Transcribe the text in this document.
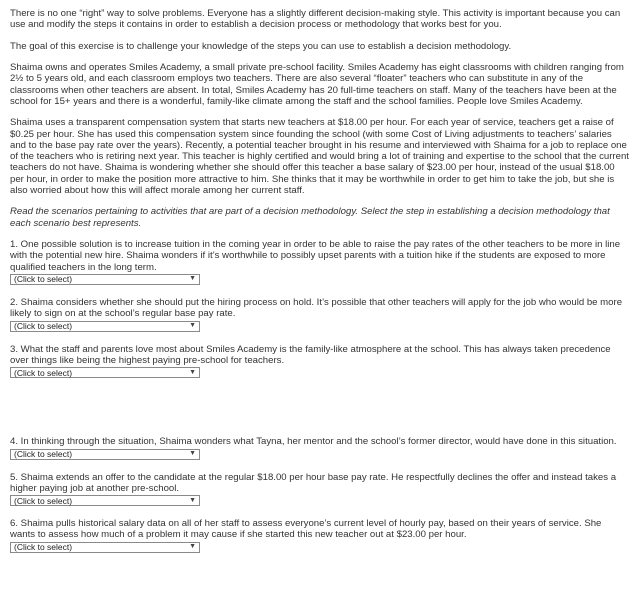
There is no one “right” way to solve problems. Everyone has a slightly different decision-making style. This activity is important because you can use and modify the steps it contains in order to establish a decision process or methodology that works best for you.

The goal of this exercise is to challenge your knowledge of the steps you can use to establish a decision methodology.

Shaima owns and operates Smiles Academy, a small private pre-school facility. Smiles Academy has eight classrooms with children ranging from 2½ to 5 years old, and each classroom employs two teachers. There are also several “floater” teachers who can substitute in any of the classrooms when other teachers are absent. In total, Smiles Academy has 20 full-time teachers on staff. Many of the teachers have been at the school for 15+ years and there is a wonderful, family-like climate among the staff and the school families. People love Smiles Academy.

Shaima uses a transparent compensation system that starts new teachers at $18.00 per hour. For each year of service, teachers get a raise of $0.25 per hour. She has used this compensation system since founding the school (with some Cost of Living adjustments to teachers’ salaries and to the base pay rate over the years). Recently, a potential teacher brought in his resume and interviewed with Shaima for a job to replace one of the teachers who is retiring next year. This teacher is highly certified and would bring a lot of training and expertise to the school that the current teachers do not have. Shaima is wondering whether she should offer this teacher a base salary of $23.00 per hour, instead of the usual $18.00 per hour, in order to make the position more attractive to him. She thinks that it may be worthwhile in order to get him to take the job, but she is also worried about how this will affect morale among her current staff.

Read the scenarios pertaining to activities that are part of a decision methodology. Select the step in establishing a decision methodology that each scenario best represents.

1. One possible solution is to increase tuition in the coming year in order to be able to raise the pay rates of the other teachers to be more in line with the potential new hire. Shaima wonders if it’s worthwhile to possibly upset parents with a tuition hike if the students are exposed to more qualified teachers in the long term.
(Click to select)	▼
2. Shaima considers whether she should put the hiring process on hold. It’s possible that other teachers will apply for the job who would be more likely to sign on at the school’s regular base pay rate.
(Click to select)	▼
3. What the staff and parents love most about Smiles Academy is the family-like atmosphere at the school. This has always taken precedence over things like being the highest paying pre-school for teachers.
(Click to select)	▼
4. In thinking through the situation, Shaima wonders what Tayna, her mentor and the school’s former director, would have done in this situation.
(Click to select)	▼
5. Shaima extends an offer to the candidate at the regular $18.00 per hour base pay rate. He respectfully declines the offer and instead takes a higher paying job at another pre-school.
(Click to select)	▼
6. Shaima pulls historical salary data on all of her staff to assess everyone’s current level of hourly pay, based on their years of service. She wants to assess how much of a problem it may cause if she started this new teacher out at $23.00 per hour.
(Click to select)	▼
